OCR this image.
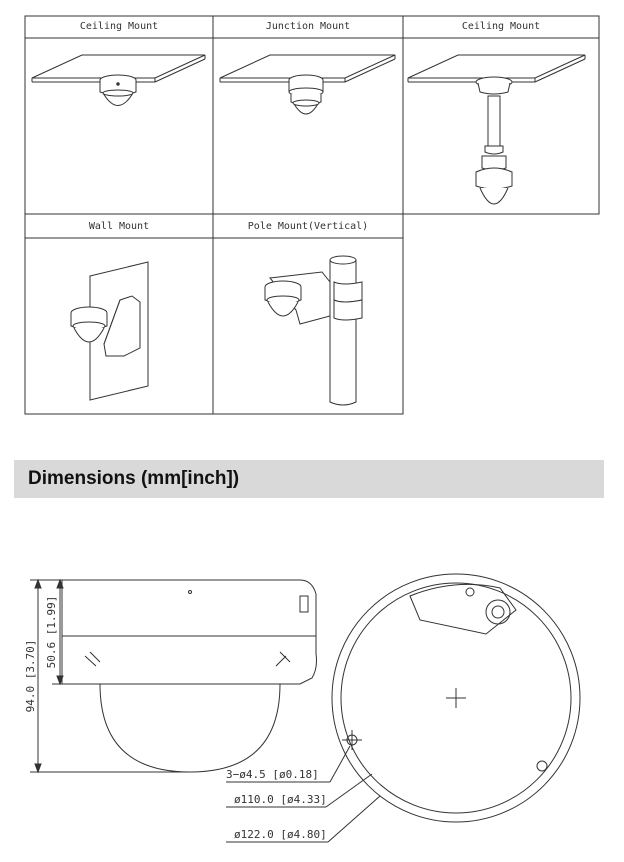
Ceiling Mount	Junction Mount	Ceiling Mount
Wall Mount	Pole Mount(Vertical)
Dimensions (mm[inch])
94.0 [3.70]
50.6 [1.99]
3−ø4.5 [ø0.18]
ø110.0 [ø4.33]
ø122.0 [ø4.80]
